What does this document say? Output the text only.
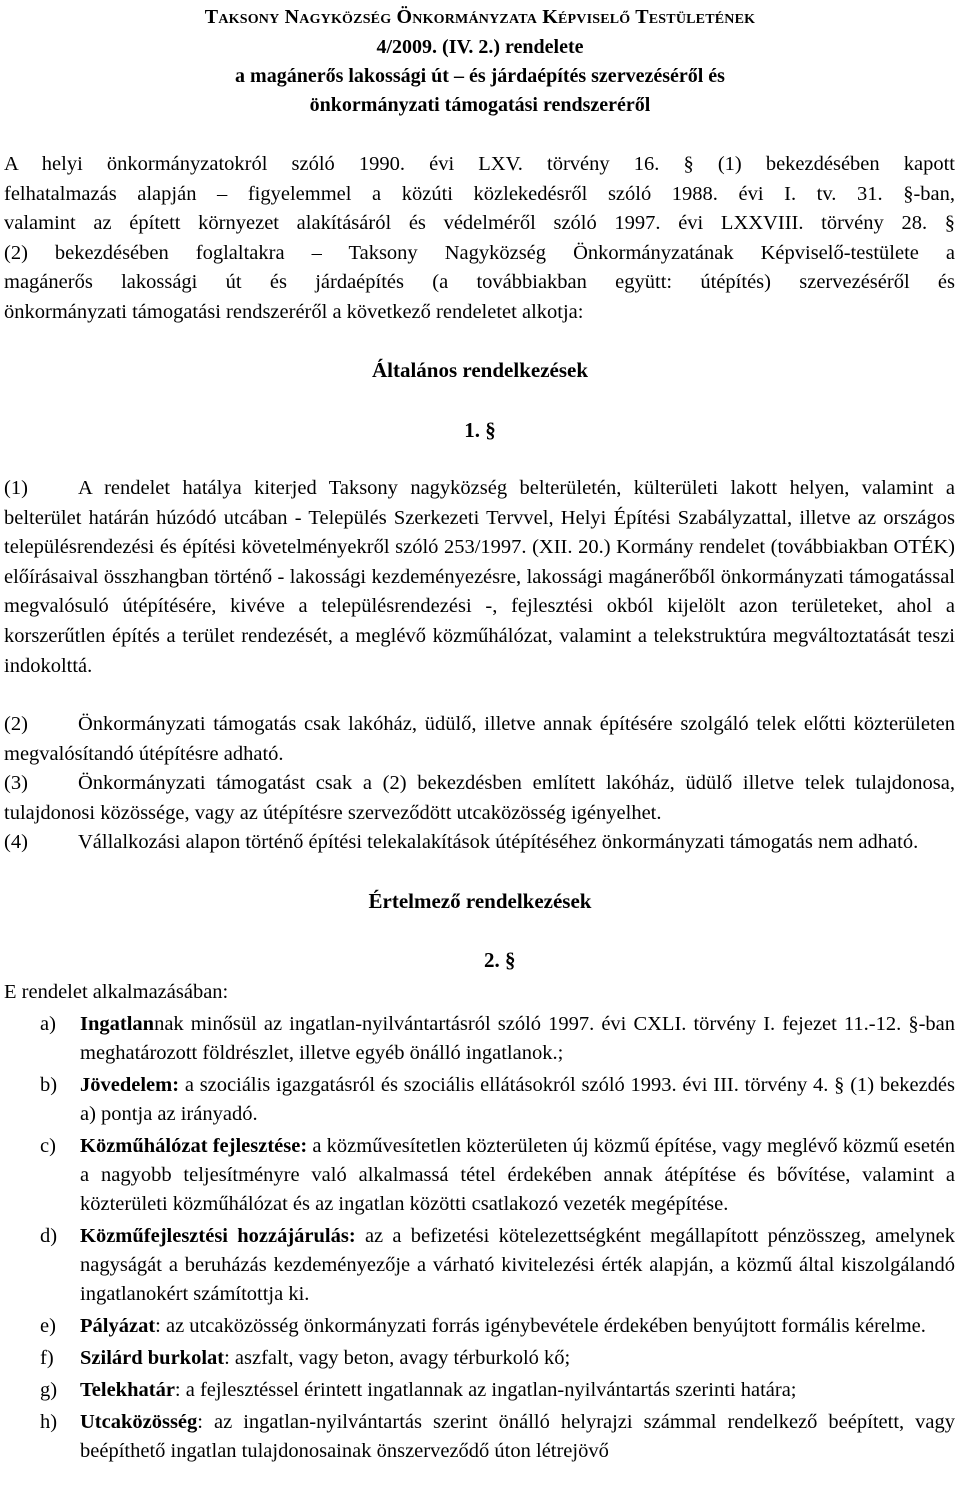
Taksony Nagyközség Önkormányzata Képviselő Testületének
4/2009. (IV. 2.) rendelete
a magánerős lakossági út – és járdaépítés szervezéséről és
önkormányzati támogatási rendszeréről
A helyi önkormányzatokról szóló 1990. évi LXV. törvény 16. § (1) bekezdésében kapott
felhatalmazás alapján – figyelemmel a közúti közlekedésről szóló 1988. évi I. tv. 31. §-ban,
valamint az épített környezet alakításáról és védelméről szóló 1997. évi LXXVIII. törvény 28. §
(2) bekezdésében foglaltakra – Taksony Nagyközség Önkormányzatának Képviselő-testülete a
magánerős lakossági út és járdaépítés (a továbbiakban együtt: útépítés) szervezéséről és
önkormányzati támogatási rendszeréről a következő rendeletet alkotja:
Általános rendelkezések
1. §
(1) A rendelet hatálya kiterjed Taksony nagyközség belterületén, külterületi lakott helyen, valamint a belterület határán húzódó utcában - Település Szerkezeti Tervvel, Helyi Építési Szabályzattal, illetve az országos településrendezési és építési követelményekről szóló 253/1997. (XII. 20.) Kormány rendelet (továbbiakban OTÉK) előírásaival összhangban történő - lakossági kezdeményezésre, lakossági magánerőből önkormányzati támogatással megvalósuló útépítésére, kivéve a településrendezési -, fejlesztési okból kijelölt azon területeket, ahol a korszerűtlen építés a terület rendezését, a meglévő közműhálózat, valamint a telekstruktúra megváltoztatását teszi indokolttá.
(2) Önkormányzati támogatás csak lakóház, üdülő, illetve annak építésére szolgáló telek előtti közterületen megvalósítandó útépítésre adható.
(3) Önkormányzati támogatást csak a (2) bekezdésben említett lakóház, üdülő illetve telek tulajdonosa, tulajdonosi közössége, vagy az útépítésre szerveződött utcaközösség igényelhet.
(4) Vállalkozási alapon történő építési telekalakítások útépítéséhez önkormányzati támogatás nem adható.
Értelmező rendelkezések
2. §
E rendelet alkalmazásában:
a) Ingatlannak minősül az ingatlan-nyilvántartásról szóló 1997. évi CXLI. törvény I. fejezet 11.-12. §-ban meghatározott földrészlet, illetve egyéb önálló ingatlanok.;
b) Jövedelem: a szociális igazgatásról és szociális ellátásokról szóló 1993. évi III. törvény 4. § (1) bekezdés a) pontja az irányadó.
c) Közműhálózat fejlesztése: a közművesítetlen közterületen új közmű építése, vagy meglévő közmű esetén a nagyobb teljesítményre való alkalmassá tétel érdekében annak átépítése és bővítése, valamint a közterületi közműhálózat és az ingatlan közötti csatlakozó vezeték megépítése.
d) Közműfejlesztési hozzájárulás: az a befizetési kötelezettségként megállapított pénzösszeg, amelynek nagyságát a beruházás kezdeményezője a várható kivitelezési érték alapján, a közmű által kiszolgálandó ingatlanokért számítottja ki.
e) Pályázat: az utcaközösség önkormányzati forrás igénybevétele érdekében benyújtott formális kérelme.
f) Szilárd burkolat: aszfalt, vagy beton, avagy térburkoló kő;
g) Telekhatár: a fejlesztéssel érintett ingatlannak az ingatlan-nyilvántartás szerinti határa;
h) Utcaközösség: az ingatlan-nyilvántartás szerint önálló helyrajzi számmal rendelkező beépített, vagy beépíthető ingatlan tulajdonosainak önszerveződő úton létrejövő
